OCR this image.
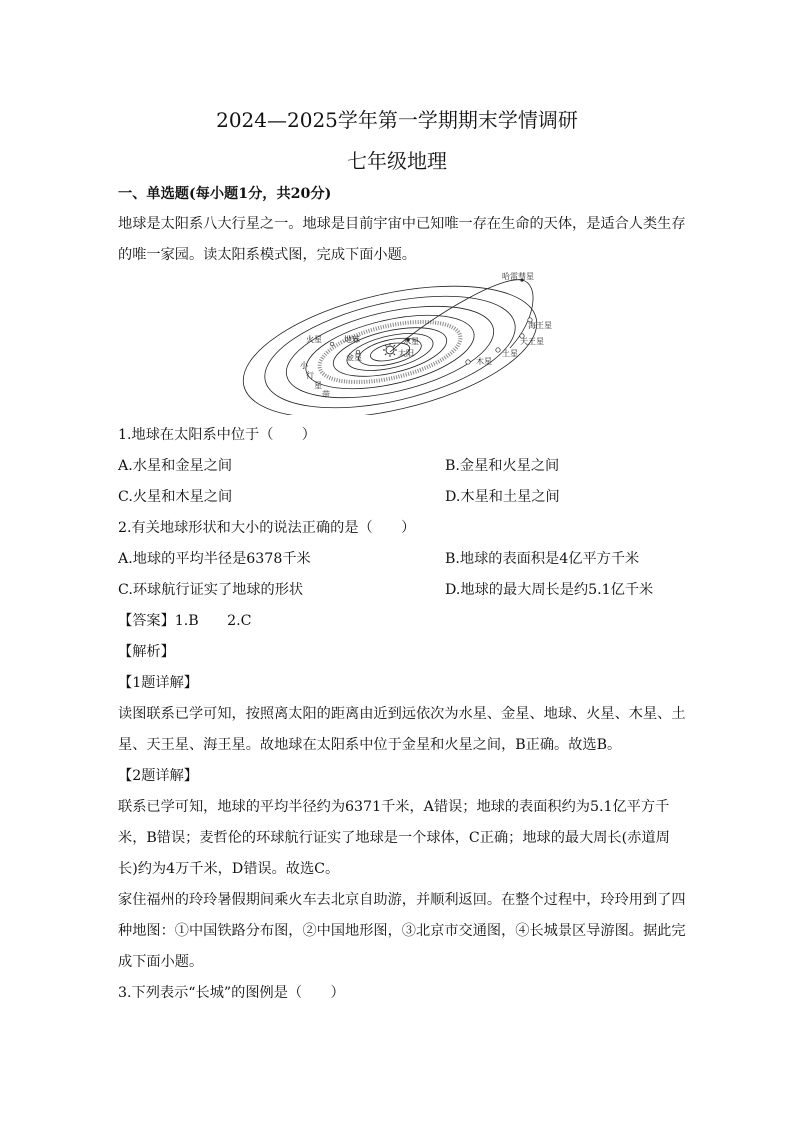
2024—2025学年第一学期期末学情调研
七年级地理
一、单选题(每小题1分，共20分)
地球是太阳系八大行星之一。地球是目前宇宙中已知唯一存在生命的天体，是适合人类生存
的唯一家园。读太阳系模式图，完成下面小题。
哈雷彗星
海王星
天王星
土星
木星
火星	地球
金星
水星
太阳
小
行
星
带
1.地球在太阳系中位于（　　）
A.水星和金星之间	B.金星和火星之间
C.火星和木星之间	D.木星和土星之间
2.有关地球形状和大小的说法正确的是（　　）
A.地球的平均半径是6378千米	B.地球的表面积是4亿平方千米
C.环球航行证实了地球的形状	D.地球的最大周长是约5.1亿千米
【答案】1.B　　2.C
【解析】
【1题详解】
读图联系已学可知，按照离太阳的距离由近到远依次为水星、金星、地球、火星、木星、土
星、天王星、海王星。故地球在太阳系中位于金星和火星之间，B正确。故选B。
【2题详解】
联系已学可知，地球的平均半径约为6371千米，A错误；地球的表面积约为5.1亿平方千
米，B错误；麦哲伦的环球航行证实了地球是一个球体，C正确；地球的最大周长(赤道周
长)约为4万千米，D错误。故选C。
家住福州的玲玲暑假期间乘火车去北京自助游，并顺利返回。在整个过程中，玲玲用到了四
种地图：①中国铁路分布图，②中国地形图，③北京市交通图，④长城景区导游图。据此完
成下面小题。
3.下列表示“长城”的图例是（　　）
